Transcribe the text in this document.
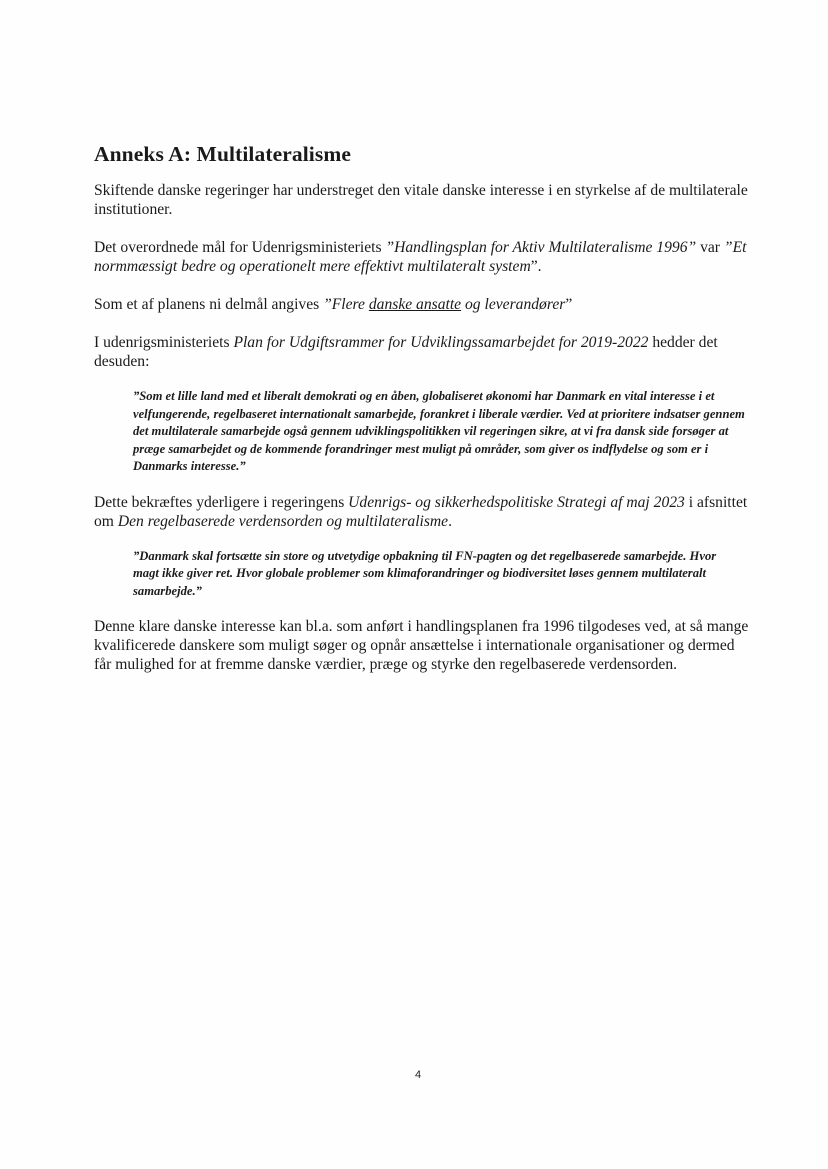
Anneks A: Multilateralisme

Skiftende danske regeringer har understreget den vitale danske interesse i en styrkelse af de multilaterale institutioner.

Det overordnede mål for Udenrigsministeriets ”Handlingsplan for Aktiv Multilateralisme 1996” var ”Et normmæssigt bedre og operationelt mere effektivt multilateralt system”.

Som et af planens ni delmål angives ”Flere danske ansatte og leverandører”

I udenrigsministeriets Plan for Udgiftsrammer for Udviklingssamarbejdet for 2019-2022 hedder det desuden:

”Som et lille land med et liberalt demokrati og en åben, globaliseret økonomi har Danmark en vital interesse i et velfungerende, regelbaseret internationalt samarbejde, forankret i liberale værdier. Ved at prioritere indsatser gennem det multilaterale samarbejde også gennem udviklingspolitikken vil regeringen sikre, at vi fra dansk side forsøger at præge samarbejdet og de kommende forandringer mest muligt på områder, som giver os indflydelse og som er i Danmarks interesse.”

Dette bekræftes yderligere i regeringens Udenrigs- og sikkerhedspolitiske Strategi af maj 2023 i afsnittet om Den regelbaserede verdensorden og multilateralisme.

”Danmark skal fortsætte sin store og utvetydige opbakning til FN-pagten og det regelbaserede samarbejde. Hvor magt ikke giver ret. Hvor globale problemer som klimaforandringer og biodiversitet løses gennem multilateralt samarbejde.”

Denne klare danske interesse kan bl.a. som anført i handlingsplanen fra 1996 tilgodeses ved, at så mange kvalificerede danskere som muligt søger og opnår ansættelse i internationale organisationer og dermed får mulighed for at fremme danske værdier, præge og styrke den regelbaserede verdensorden.

4
